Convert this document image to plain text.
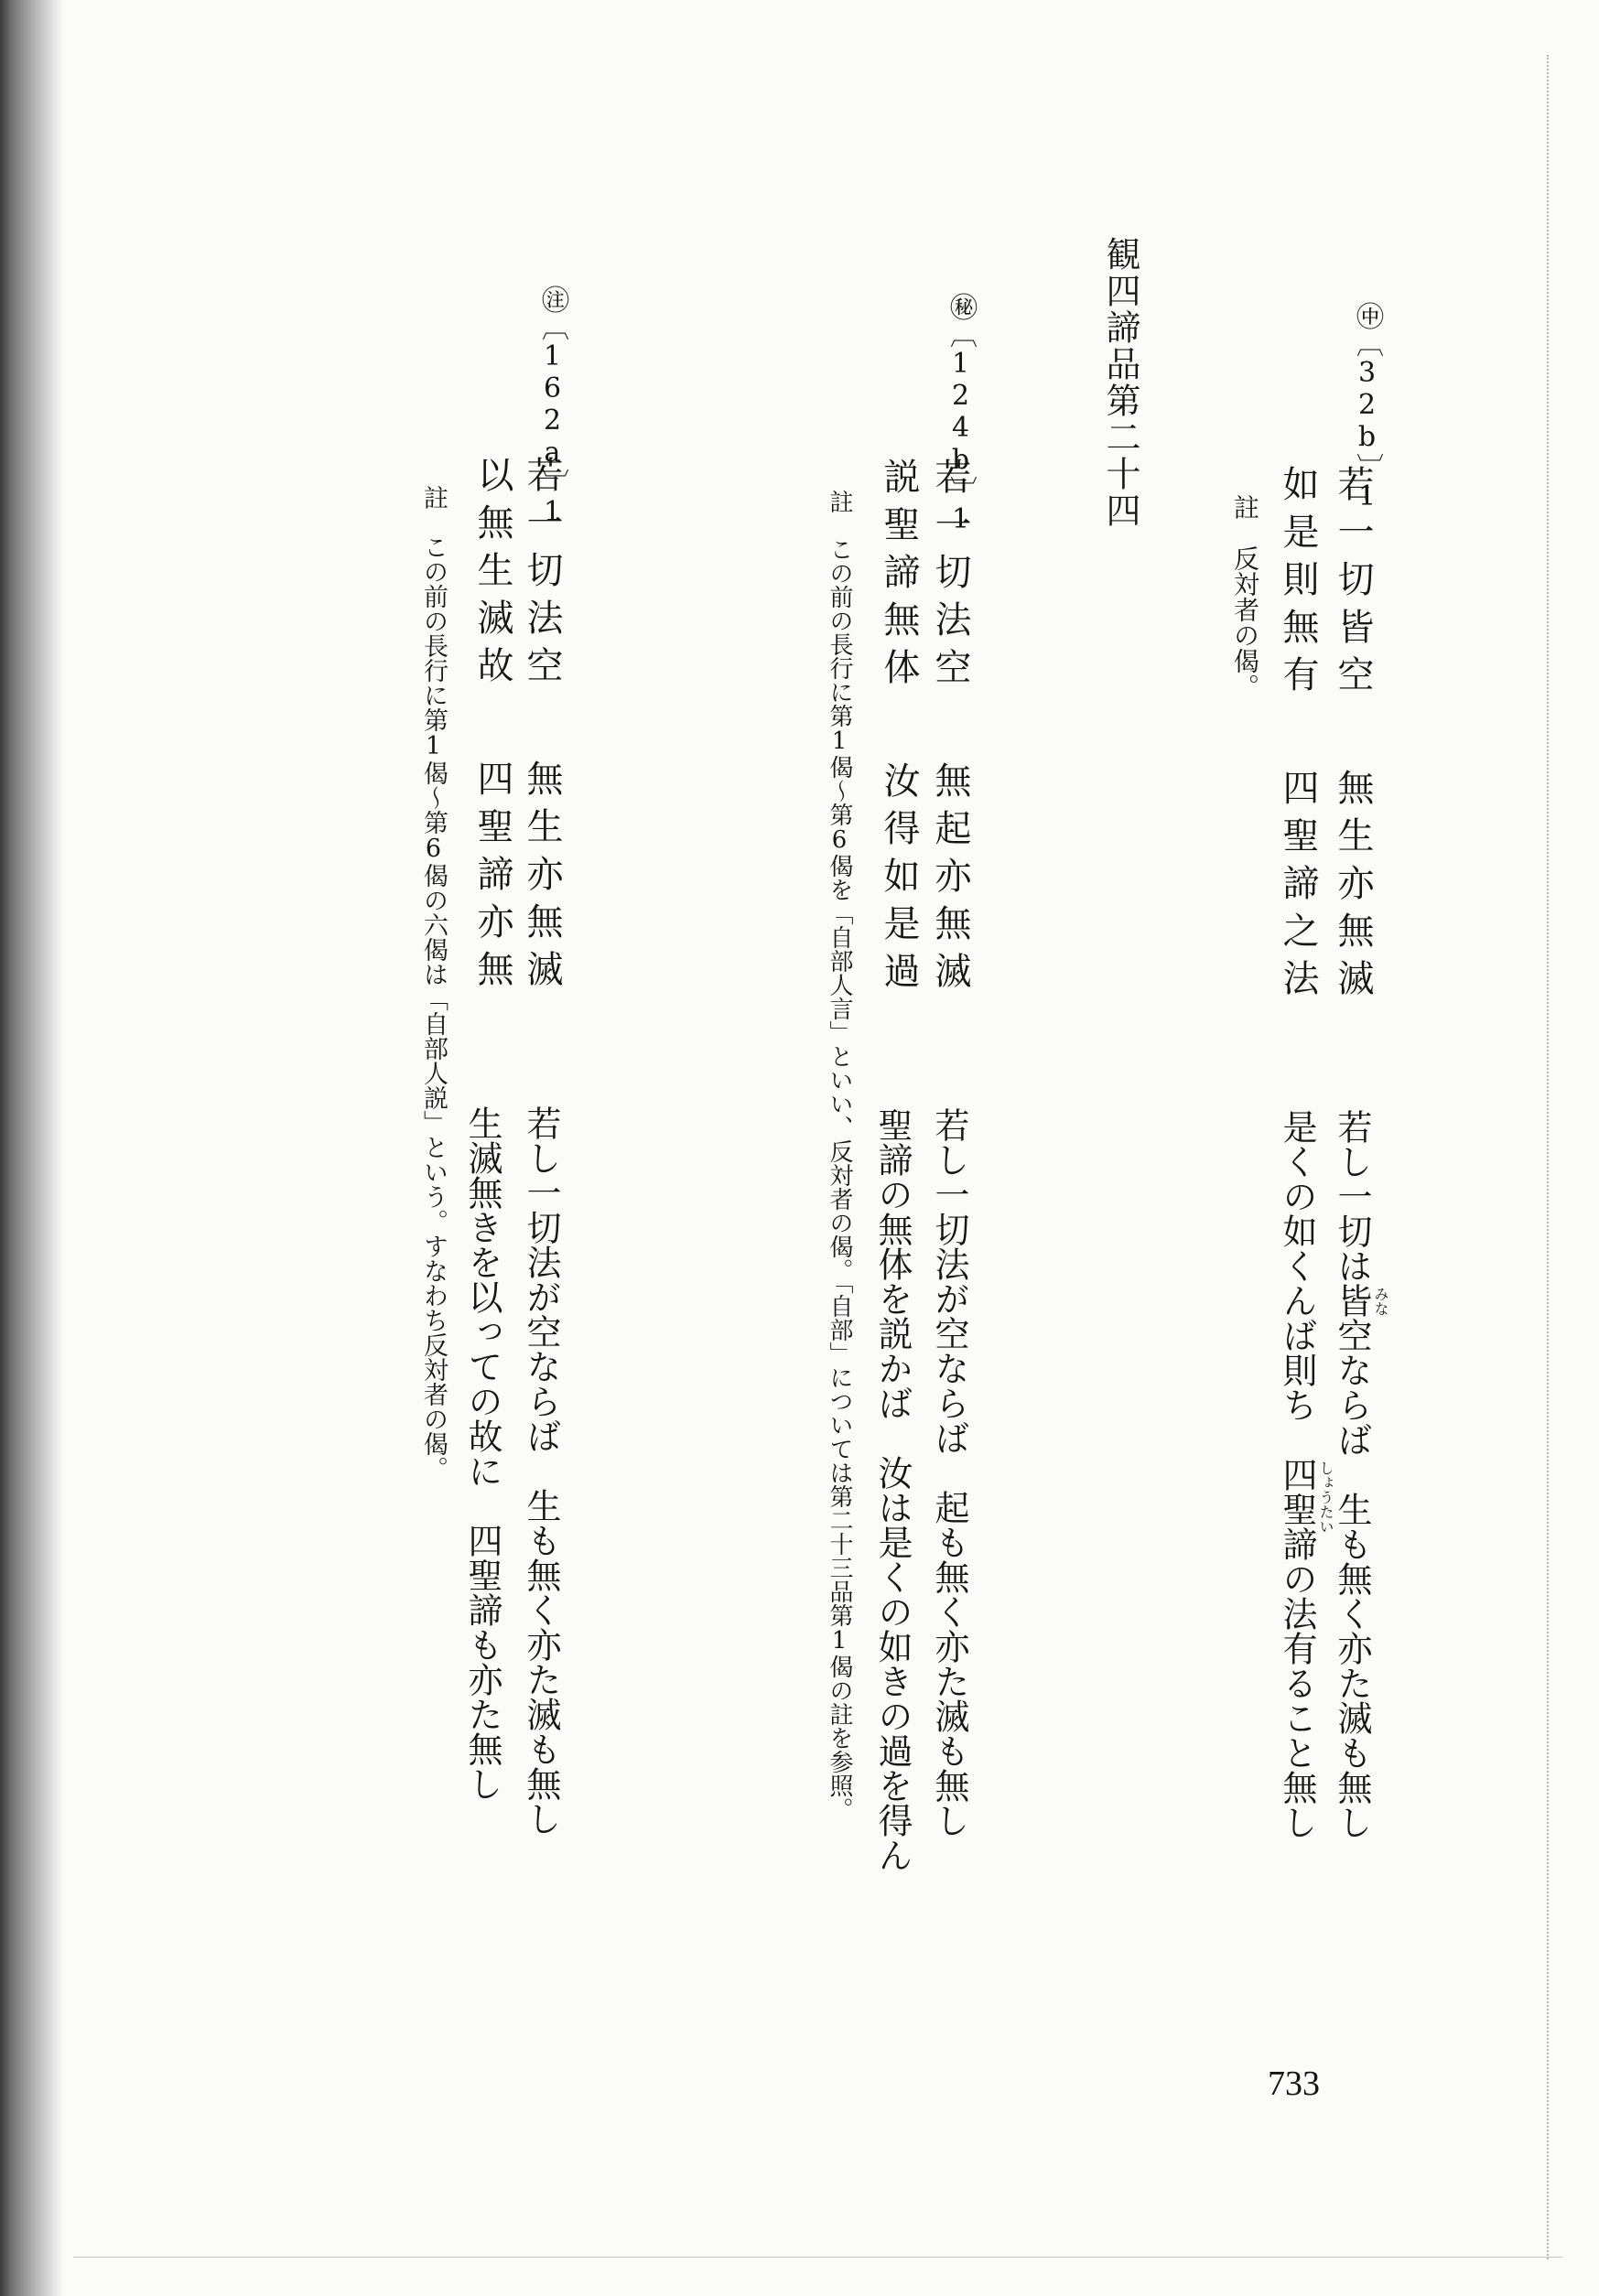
観四諦品第二十四	㊥〔32b〕1
若一切皆空
如是則無有
無生亦無滅
四聖諦之法
註　反対者の偈。
若し一切は皆 みな
空ならば　生も無く亦た滅も無し
是くの如くんば則ち　四聖諦 しょうたい
の法有ること無し
㊙〔124b〕1
若一切法空
説聖諦無体
無起亦無滅
汝得如是過
註　この前の長行に第1偈～第6偈を「自部人言」といい、反対者の偈。「自部」については第二十三品第1偈の註を参照。 若し一切法が空ならば　起も無く亦た滅も無し
聖諦の無体を説かば　汝は是くの如きの過を得ん
㊟〔162a〕1
若一切法空
以無生滅故
無生亦無滅
四聖諦亦無
註　この前の長行に第1偈～第6偈の六偈は「自部人説」という。すなわち反対者の偈。 若し一切法が空ならば　生も無く亦た滅も無し
生滅無きを以っての故に　四聖諦も亦た無し
733
